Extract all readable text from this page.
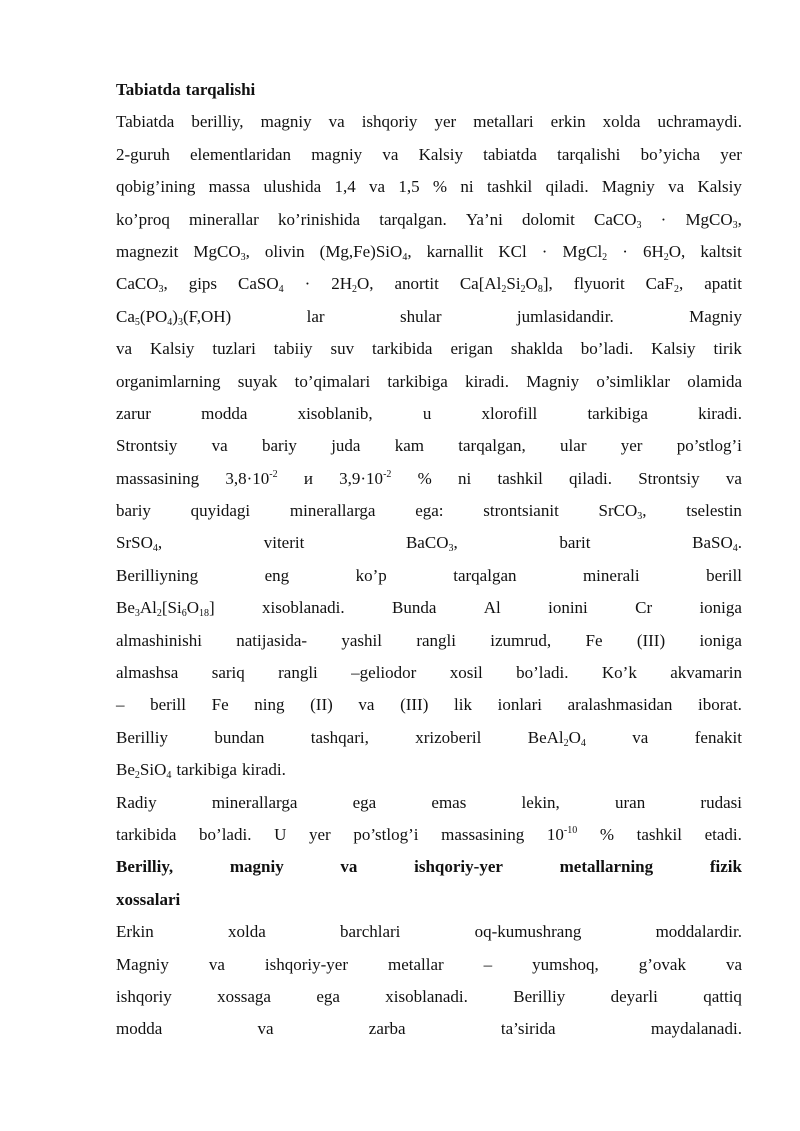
Tabiatda tarqalishi
Tabiatda berilliy, magniy va ishqoriy yer metallari erkin xolda uchramaydi.
2-guruh elementlaridan magniy va Kalsiy tabiatda tarqalishi bo’yicha yer
qobig’ining massa ulushida 1,4 va 1,5 % ni tashkil qiladi. Magniy va Kalsiy
ko’proq minerallar ko’rinishida tarqalgan. Ya’ni dolomit CaCO$_3$ · MgCO$_3$,
magnezit MgCO$_3$, olivin (Mg,Fe)SiO$_4$, karnallit KCl · MgCl$_2$ · $6H_2O$, kaltsit
CaCO$_3$, gips CaSO$_4$ · $2H_2O$, anortit $Ca[Al_2Si_2O_8]$, flyuorit CaF$_2$, apatit
$Ca_5(PO_4)_3(F,OH)$	lar	shular	jumlasidandir.	Magniy
va Kalsiy tuzlari tabiiy suv tarkibida erigan shaklda bo’ladi. Kalsiy tirik
organimlarning suyak to’qimalari tarkibiga kiradi. Magniy o’simliklar olamida
zarur	modda	xisoblanib,	u	xlorofill	tarkibiga	kiradi.
Strontsiy va bariy juda kam tarqalgan, ular yer po’stlog’i
massasining $3,8\cdot 10^{-2}$ и $3,9\cdot 10^{-2}$ % ni tashkil qiladi. Strontsiy va
bariy quyidagi minerallarga ega: strontsianit SrCO$_3$, tselestin
SrSO$_4$,	viterit	BaCO$_3$,	barit	BaSO$_4$.
Berilliyning	eng	ko’p	tarqalgan	minerali	berill
$Be_3Al_2[Si_6O_{18}]$	xisoblanadi.	Bunda	Al	ionini	Cr	ioniga
almashinishi natijasida- yashil rangli izumrud, Fe (III) ioniga
almashsa sariq rangli –geliodor xosil bo’ladi. Ko’k akvamarin
– berill Fe ning (II) va (III) lik ionlari aralashmasidan iborat.
Berilliy	bundan	tashqari,	xrizoberil	$BeAl_2O_4$	va	fenakit
$Be_2SiO_4$ tarkibiga kiradi.
Radiy	minerallarga	ega	emas	lekin,	uran	rudasi
tarkibida bo’ladi. U yer po’stlog’i massasining $10^{-10}$ % tashkil etadi.
Berilliy,	magniy	va	ishqoriy-yer	metallarning	fizik
xossalari
Erkin	xolda	barchlari	oq-kumushrang	moddalardir.
Magniy va ishqoriy-yer metallar – yumshoq, g’ovak va
ishqoriy	xossaga	ega	xisoblanadi.	Berilliy	deyarli	qattiq
modda	va	zarba	ta’sirida	maydalanadi.
